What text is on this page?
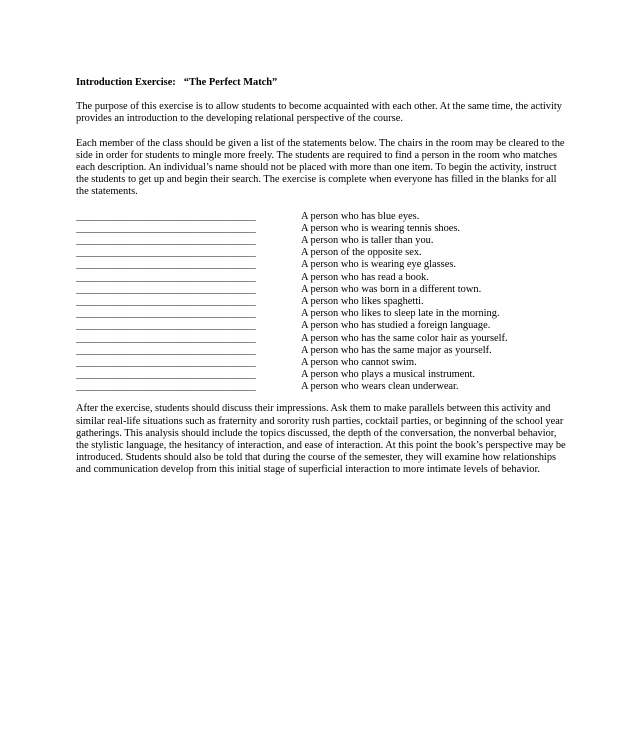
Introduction Exercise: “The Perfect Match”

The purpose of this exercise is to allow students to become acquainted with each other. At the same time, the activity provides an introduction to the developing relational perspective of the course.

Each member of the class should be given a list of the statements below. The chairs in the room may be cleared to the side in order for students to mingle more freely. The students are required to find a person in the room who matches each description. An individual’s name should not be placed with more than one item. To begin the activity, instruct the students to get up and begin their search. The exercise is complete when everyone has filled in the blanks for all the statements.

_______________________________________	A person who has blue eyes.
_______________________________________	A person who is wearing tennis shoes.
_______________________________________	A person who is taller than you.
_______________________________________	A person of the opposite sex.
_______________________________________	A person who is wearing eye glasses.
_______________________________________	A person who has read a book.
_______________________________________	A person who was born in a different town.
_______________________________________	A person who likes spaghetti.
_______________________________________	A person who likes to sleep late in the morning.
_______________________________________	A person who has studied a foreign language.
_______________________________________	A person who has the same color hair as yourself.
_______________________________________	A person who has the same major as yourself.
_______________________________________	A person who cannot swim.
_______________________________________	A person who plays a musical instrument.
_______________________________________	A person who wears clean underwear.

After the exercise, students should discuss their impressions. Ask them to make parallels between this activity and similar real-life situations such as fraternity and sorority rush parties, cocktail parties, or beginning of the school year gatherings. This analysis should include the topics discussed, the depth of the conversation, the nonverbal behavior, the stylistic language, the hesitancy of interaction, and ease of interaction. At this point the book’s perspective may be introduced. Students should also be told that during the course of the semester, they will examine how relationships and communication develop from this initial stage of superficial interaction to more intimate levels of behavior.
